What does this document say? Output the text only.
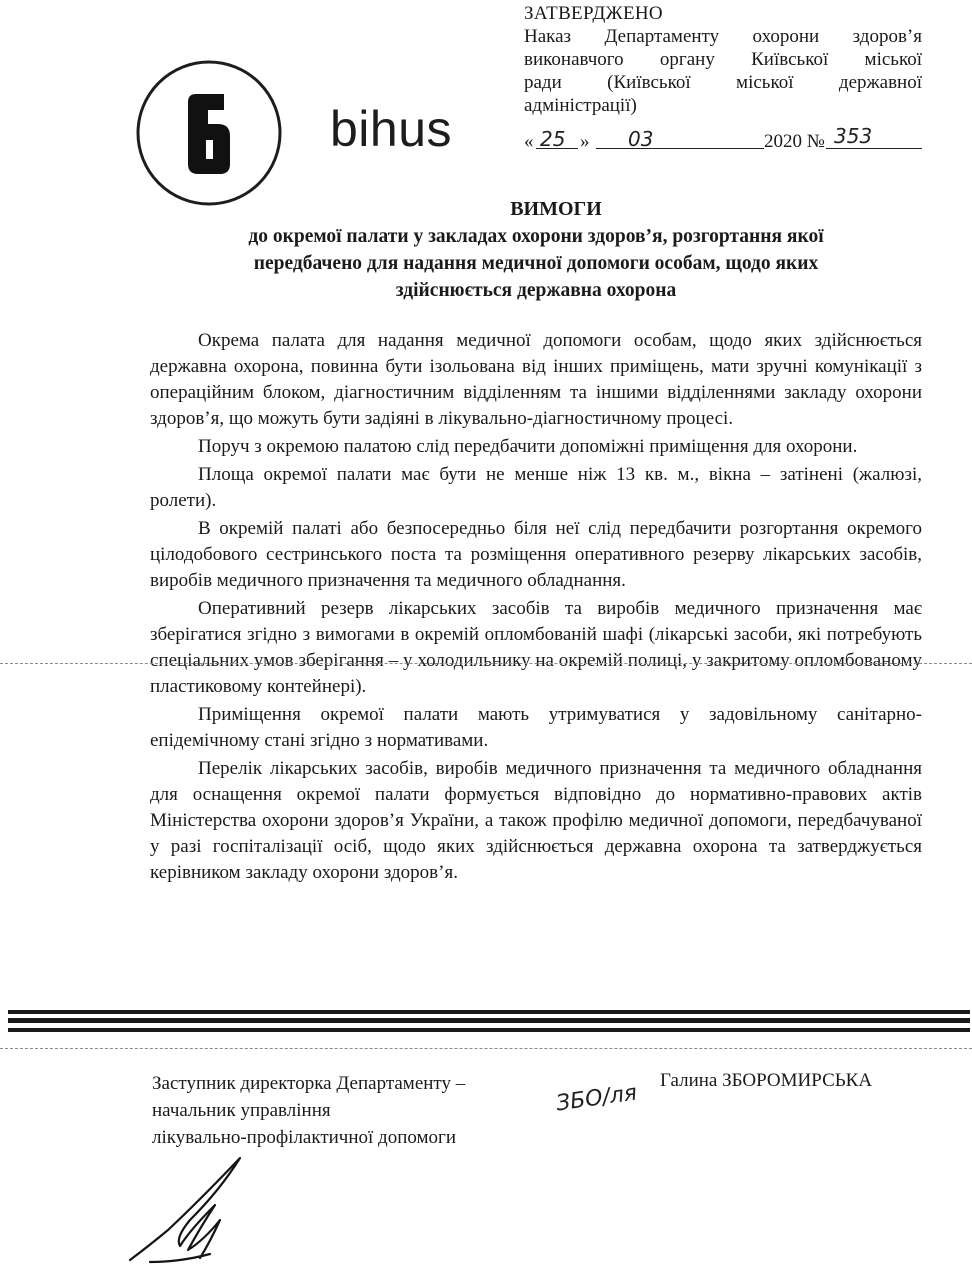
bihus
ЗАТВЕРДЖЕНО
Наказ Департаменту охорони здоров’я
виконавчого органу Київської міської
ради (Київської міської державної
адміністрації)
« 25 » 03	2020 № 353
ВИМОГИ
до окремої палати у закладах охорони здоров’я, розгортання якої
передбачено для надання медичної допомоги особам, щодо яких
здійснюється державна охорона

Окрема палата для надання медичної допомоги особам, щодо яких здійснюється державна охорона, повинна бути ізольована від інших приміщень, мати зручні комунікації з операційним блоком, діагностичним відділенням та іншими відділеннями закладу охорони здоров’я, що можуть бути задіяні в лікувально-діагностичному процесі.

Поруч з окремою палатою слід передбачити допоміжні приміщення для охорони.

Площа окремої палати має бути не менше ніж 13 кв. м., вікна – затінені (жалюзі, ролети).

В окремій палаті або безпосередньо біля неї слід передбачити розгортання окремого цілодобового сестринського поста та розміщення оперативного резерву лікарських засобів, виробів медичного призначення та медичного обладнання.

Оперативний резерв лікарських засобів та виробів медичного призначення має зберігатися згідно з вимогами в окремій опломбованій шафі (лікарські засоби, які потребують спеціальних умов зберігання – у холодильнику на окремій полиці, у закритому опломбованому пластиковому контейнері).

Приміщення окремої палати мають утримуватися у задовільному санітарно-епідемічному стані згідно з нормативами.

Перелік лікарських засобів, виробів медичного призначення та медичного обладнання для оснащення окремої палати формується відповідно до нормативно-правових актів Міністерства охорони здоров’я України, а також профілю медичної допомоги, передбачуваної у разі госпіталізації осіб, щодо яких здійснюється державна охорона та затверджується керівником закладу охорони здоров’я.

Заступник директорка Департаменту –
начальник управління
лікувально-профілактичної допомоги
ЗБО/ля Галина ЗБОРОМИРСЬКА
